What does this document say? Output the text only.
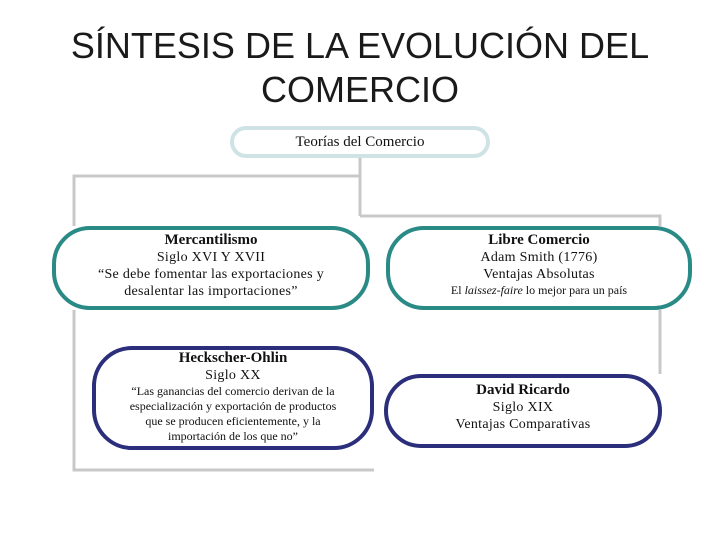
SÍNTESIS DE LA EVOLUCIÓN DEL
COMERCIO
Teorías del Comercio
Mercantilismo
Siglo XVI Y XVII
“Se debe fomentar las exportaciones y
desalentar las importaciones”
Libre Comercio
Adam Smith (1776)
Ventajas Absolutas
El laissez-faire lo mejor para un país
Heckscher-Ohlin
Siglo XX
“Las ganancias del comercio derivan de la
especialización y exportación de productos
que se producen eficientemente, y la
importación de los que no”
David Ricardo
Siglo XIX
Ventajas Comparativas
